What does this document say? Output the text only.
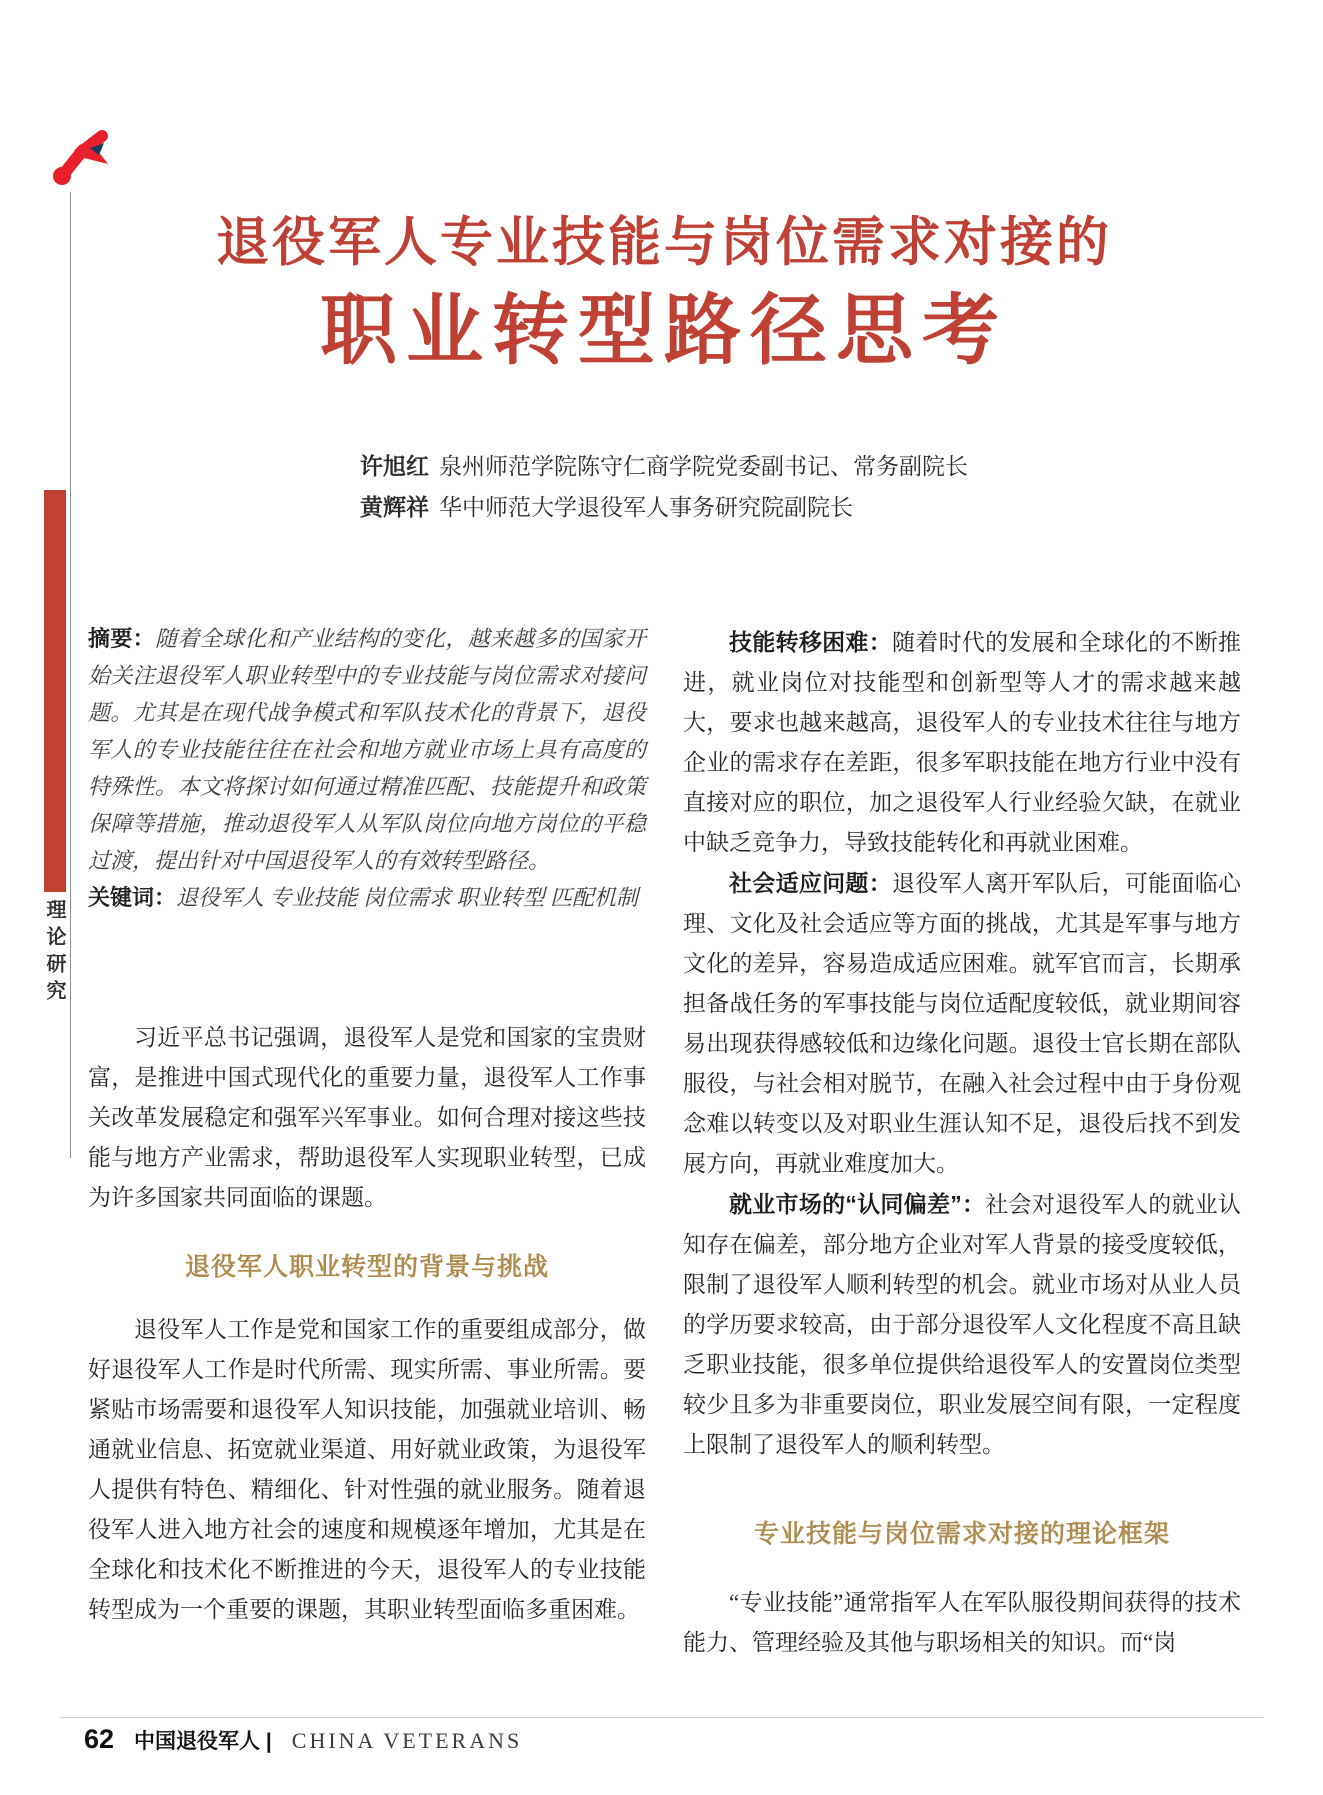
理论研究
退役军人专业技能与岗位需求对接的
职业转型路径思考
许旭红 泉州师范学院陈守仁商学院党委副书记、常务副院长
黄辉祥 华中师范大学退役军人事务研究院副院长

摘要：随着全球化和产业结构的变化，越来越多的国家开始关注退役军人职业转型中的专业技能与岗位需求对接问题。尤其是在现代战争模式和军队技术化的背景下，退役军人的专业技能往往在社会和地方就业市场上具有高度的特殊性。本文将探讨如何通过精准匹配、技能提升和政策保障等措施，推动退役军人从军队岗位向地方岗位的平稳过渡，提出针对中国退役军人的有效转型路径。

关键词：退役军人 专业技能 岗位需求 职业转型 匹配机制

习近平总书记强调，退役军人是党和国家的宝贵财富，是推进中国式现代化的重要力量，退役军人工作事关改革发展稳定和强军兴军事业。如何合理对接这些技能与地方产业需求，帮助退役军人实现职业转型，已成为许多国家共同面临的课题。

退役军人职业转型的背景与挑战

退役军人工作是党和国家工作的重要组成部分，做好退役军人工作是时代所需、现实所需、事业所需。要紧贴市场需要和退役军人知识技能，加强就业培训、畅通就业信息、拓宽就业渠道、用好就业政策，为退役军人提供有特色、精细化、针对性强的就业服务。随着退役军人进入地方社会的速度和规模逐年增加，尤其是在全球化和技术化不断推进的今天，退役军人的专业技能转型成为一个重要的课题，其职业转型面临多重困难。

技能转移困难：随着时代的发展和全球化的不断推进，就业岗位对技能型和创新型等人才的需求越来越大，要求也越来越高，退役军人的专业技术往往与地方企业的需求存在差距，很多军职技能在地方行业中没有直接对应的职位，加之退役军人行业经验欠缺，在就业中缺乏竞争力，导致技能转化和再就业困难。

社会适应问题：退役军人离开军队后，可能面临心理、文化及社会适应等方面的挑战，尤其是军事与地方文化的差异，容易造成适应困难。就军官而言，长期承担备战任务的军事技能与岗位适配度较低，就业期间容易出现获得感较低和边缘化问题。退役士官长期在部队服役，与社会相对脱节，在融入社会过程中由于身份观念难以转变以及对职业生涯认知不足，退役后找不到发展方向，再就业难度加大。

就业市场的“认同偏差”：社会对退役军人的就业认知存在偏差，部分地方企业对军人背景的接受度较低，限制了退役军人顺利转型的机会。就业市场对从业人员的学历要求较高，由于部分退役军人文化程度不高且缺乏职业技能，很多单位提供给退役军人的安置岗位类型较少且多为非重要岗位，职业发展空间有限，一定程度上限制了退役军人的顺利转型。

专业技能与岗位需求对接的理论框架

“专业技能”通常指军人在军队服役期间获得的技术能力、管理经验及其他与职场相关的知识。而“岗

62 中国退役军人 | CHINA VETERANS
